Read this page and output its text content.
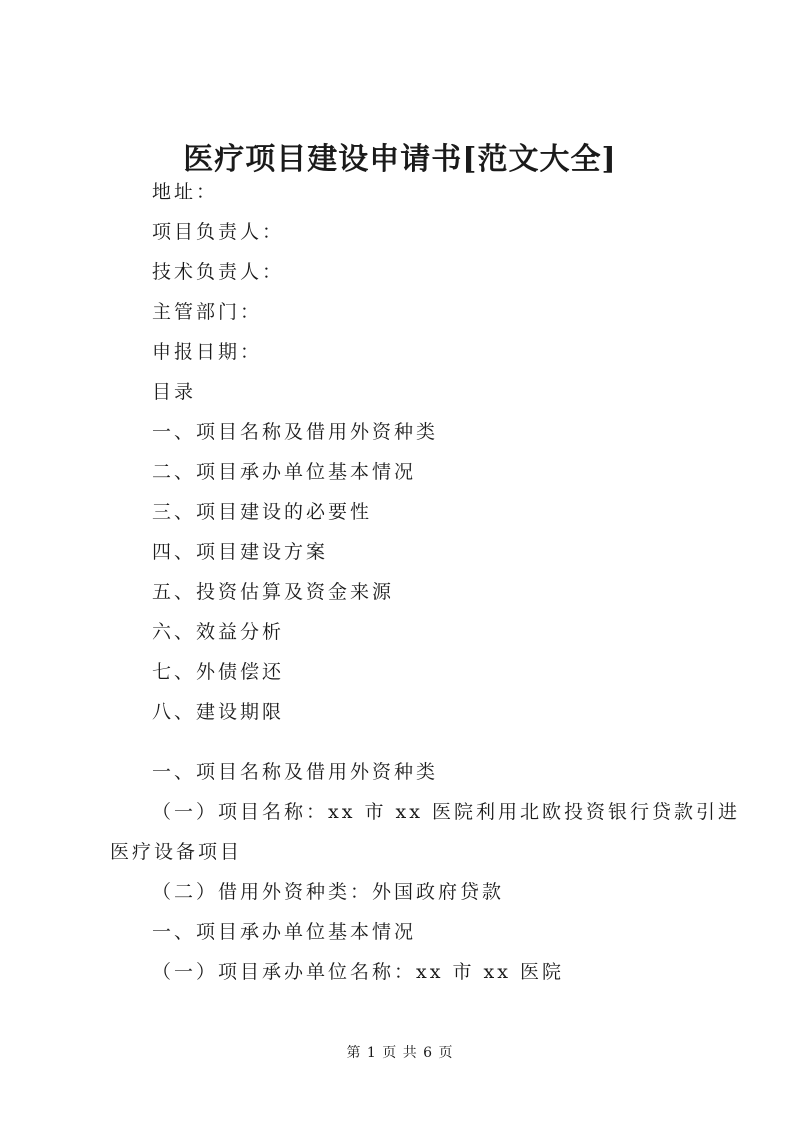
医疗项目建设申请书[范文大全]
地址：
项目负责人：
技术负责人：
主管部门：
申报日期：
目录
一、项目名称及借用外资种类
二、项目承办单位基本情况
三、项目建设的必要性
四、项目建设方案
五、投资估算及资金来源
六、效益分析
七、外债偿还
八、建设期限
一、项目名称及借用外资种类
（一）项目名称：xx 市 xx 医院利用北欧投资银行贷款引进
医疗设备项目
（二）借用外资种类：外国政府贷款
一、项目承办单位基本情况
（一）项目承办单位名称：xx 市 xx 医院
第 1 页 共 6 页
